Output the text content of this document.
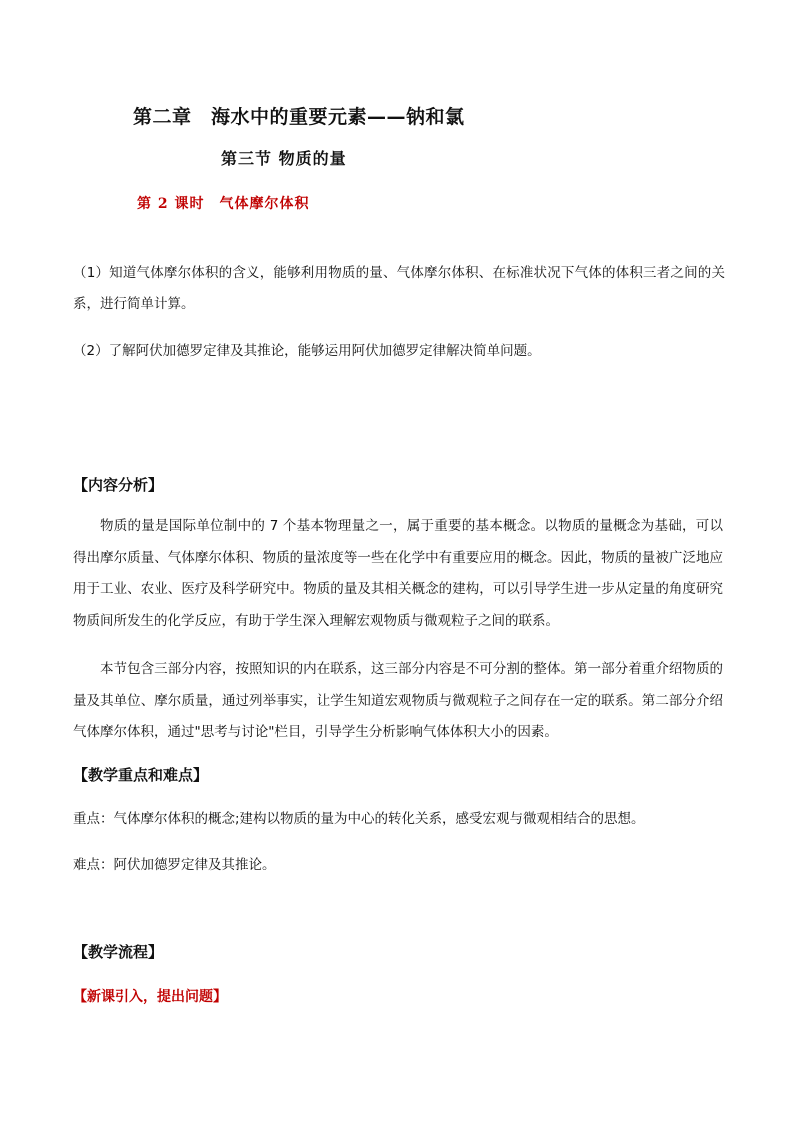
第二章　海水中的重要元素——钠和氯
第三节 物质的量
第 2 课时　气体摩尔体积

（1）知道气体摩尔体积的含义，能够利用物质的量、气体摩尔体积、在标准状况下气体的体积三者之间的关系，进行简单计算。

（2）了解阿伏加德罗定律及其推论，能够运用阿伏加德罗定律解决简单问题。

【内容分析】

物质的量是国际单位制中的 7 个基本物理量之一，属于重要的基本概念。以物质的量概念为基础，可以得出摩尔质量、气体摩尔体积、物质的量浓度等一些在化学中有重要应用的概念。因此，物质的量被广泛地应用于工业、农业、医疗及科学研究中。物质的量及其相关概念的建构，可以引导学生进一步从定量的角度研究物质间所发生的化学反应，有助于学生深入理解宏观物质与微观粒子之间的联系。

本节包含三部分内容，按照知识的内在联系，这三部分内容是不可分割的整体。第一部分着重介绍物质的量及其单位、摩尔质量，通过列举事实，让学生知道宏观物质与微观粒子之间存在一定的联系。第二部分介绍气体摩尔体积，通过"思考与讨论"栏目，引导学生分析影响气体体积大小的因素。

【教学重点和难点】

重点：气体摩尔体积的概念;建构以物质的量为中心的转化关系，感受宏观与微观相结合的思想。

难点：阿伏加德罗定律及其推论。

【教学流程】
【新课引入，提出问题】
